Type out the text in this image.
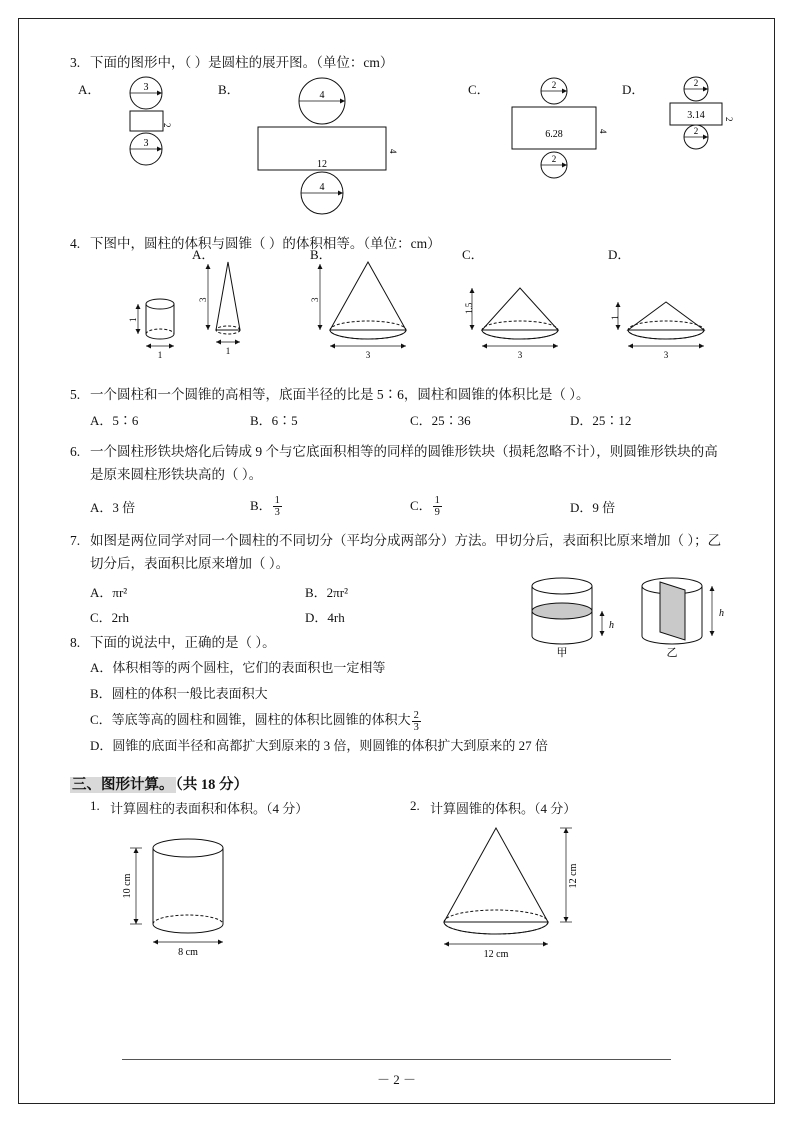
3. 下面的图形中，（ ）是圆柱的展开图。（单位：cm）
A．	3
2
3
B．	4
12
4
4
C．	2
6.28	4
2
D．	2
3.14 2
2
4. 下图中，圆柱的体积与圆锥（ ）的体积相等。（单位：cm）
1
1
A．
3
1
B．
3
3
C．
1.5
3
D．
1
3
5. 一个圆柱和一个圆锥的高相等，底面半径的比是 5∶6，圆柱和圆锥的体积比是（ ）。
A．5∶6	B．6∶5	C．25∶36	D．25∶12
6. 一个圆柱形铁块熔化后铸成 9 个与它底面积相等的同样的圆锥形铁块（损耗忽略不计），则圆锥形铁块的高是原来圆柱形铁块高的（ ）。
A．3 倍	B． $\frac{1}{3}$	C． $\frac{1}{9}$	D．9 倍
7. 如图是两位同学对同一个圆柱的不同切分（平均分成两部分）方法。甲切分后，表面积比原来增加（ ）；乙切分后，表面积比原来增加（ ）。
A．πr²	B．2πr²
C．2rh	D．4rh
h
甲
h
乙
8. 下面的说法中，正确的是（ ）。
A．体积相等的两个圆柱，它们的表面积也一定相等
B．圆柱的体积一般比表面积大
C．等底等高的圆柱和圆锥，圆柱的体积比圆锥的体积大 $\frac{2}{3}$
D．圆锥的底面半径和高都扩大到原来的 3 倍，则圆锥的体积扩大到原来的 27 倍
三、图形计算。 （共 18 分）
1. 计算圆柱的表面积和体积。（4 分）
10 cm
8 cm
2. 计算圆锥的体积。（4 分）
12 cm
12 cm
－ 2 －
